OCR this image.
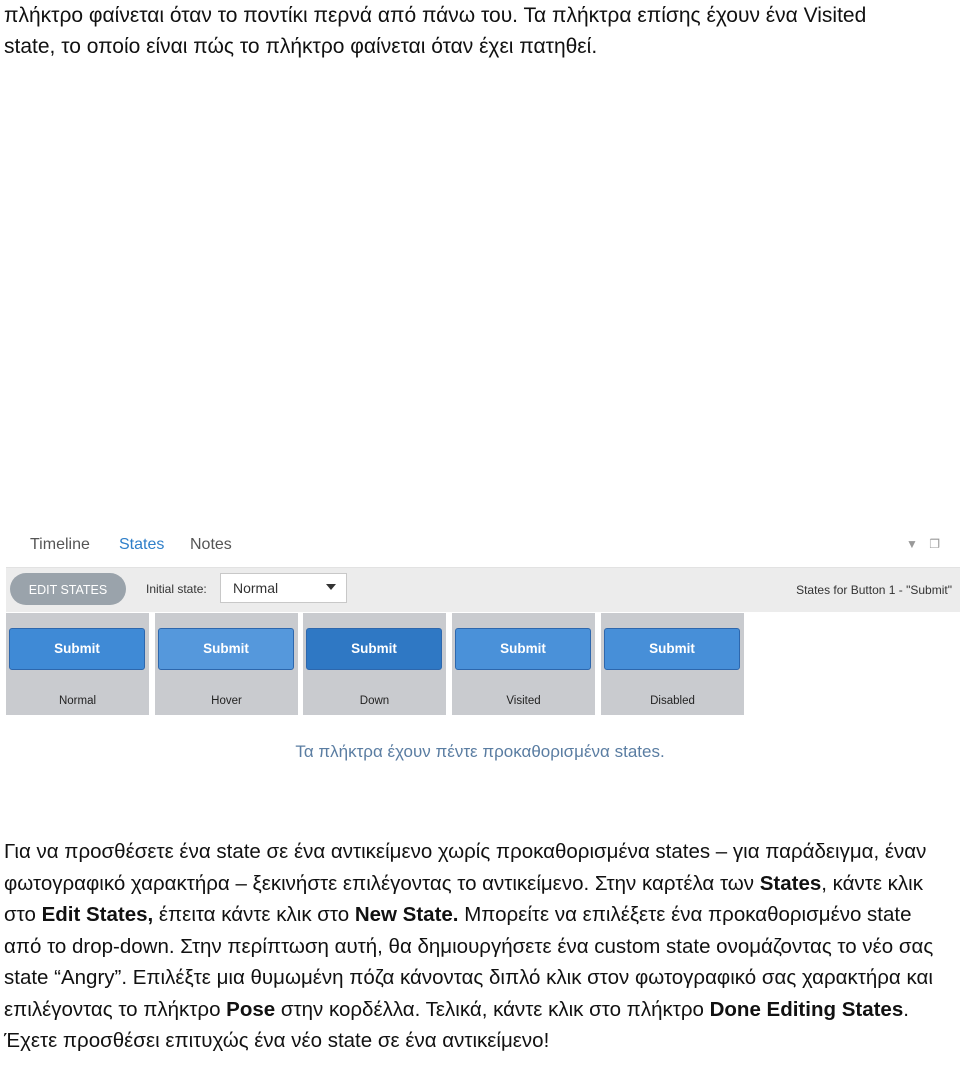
πλήκτρο φαίνεται όταν το ποντίκι περνά από πάνω του. Τα πλήκτρα επίσης έχουν ένα Visited
state, το οποίο είναι πώς το πλήκτρο φαίνεται όταν έχει πατηθεί.

Timeline States Notes	▼ ❐
EDIT STATES	Initial state: Normal	States for Button 1 - "Submit"
Submit
Normal
Submit
Hover
Submit
Down
Submit
Visited
Submit
Disabled
Τα πλήκτρα έχουν πέντε προκαθορισμένα states.

Για να προσθέσετε ένα state σε ένα αντικείμενο χωρίς προκαθορισμένα states – για παράδειγμα, έναν φωτογραφικό χαρακτήρα – ξεκινήστε επιλέγοντας το αντικείμενο. Στην καρτέλα των States, κάντε κλικ στο Edit States, έπειτα κάντε κλικ στο New State. Μπορείτε να επιλέξετε ένα προκαθορισμένο state από το drop-down. Στην περίπτωση αυτή, θα δημιουργήσετε ένα custom state ονομάζοντας το νέο σας state “Angry”. Επιλέξτε μια θυμωμένη πόζα κάνοντας διπλό κλικ στον φωτογραφικό σας χαρακτήρα και επιλέγοντας το πλήκτρο Pose στην κορδέλλα. Τελικά, κάντε κλικ στο πλήκτρο Done Editing States. Έχετε προσθέσει επιτυχώς ένα νέο state σε ένα αντικείμενο!
